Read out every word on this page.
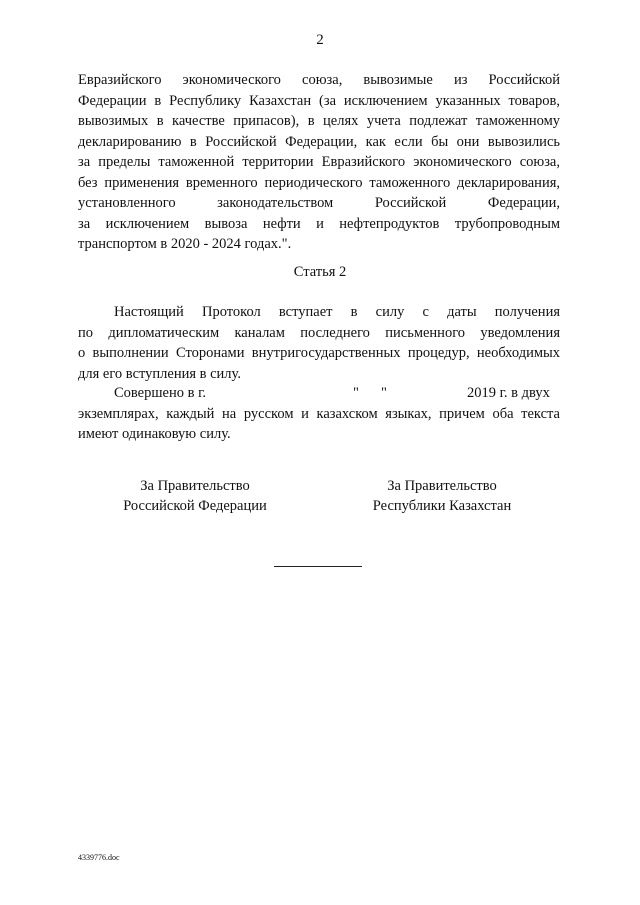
2
Евразийского экономического союза, вывозимые из Российской
Федерации в Республику Казахстан (за исключением указанных товаров,
вывозимых в качестве припасов), в целях учета подлежат таможенному
декларированию в Российской Федерации, как если бы они вывозились
за пределы таможенной территории Евразийского экономического союза,
без применения временного периодического таможенного декларирования,
установленного законодательством Российской Федерации,
за исключением вывоза нефти и нефтепродуктов трубопроводным
транспортом в 2020 - 2024 годах.".
Статья 2
Настоящий Протокол вступает в силу с даты получения
по дипломатическим каналам последнего письменного уведомления
о выполнении Сторонами внутригосударственных процедур, необходимых
для его вступления в силу.
Совершено в г.	" "	2019 г. в двух
экземплярах, каждый на русском и казахском языках, причем оба текста
имеют одинаковую силу.
За Правительство
Российской Федерации
За Правительство
Республики Казахстан
4339776.doc
